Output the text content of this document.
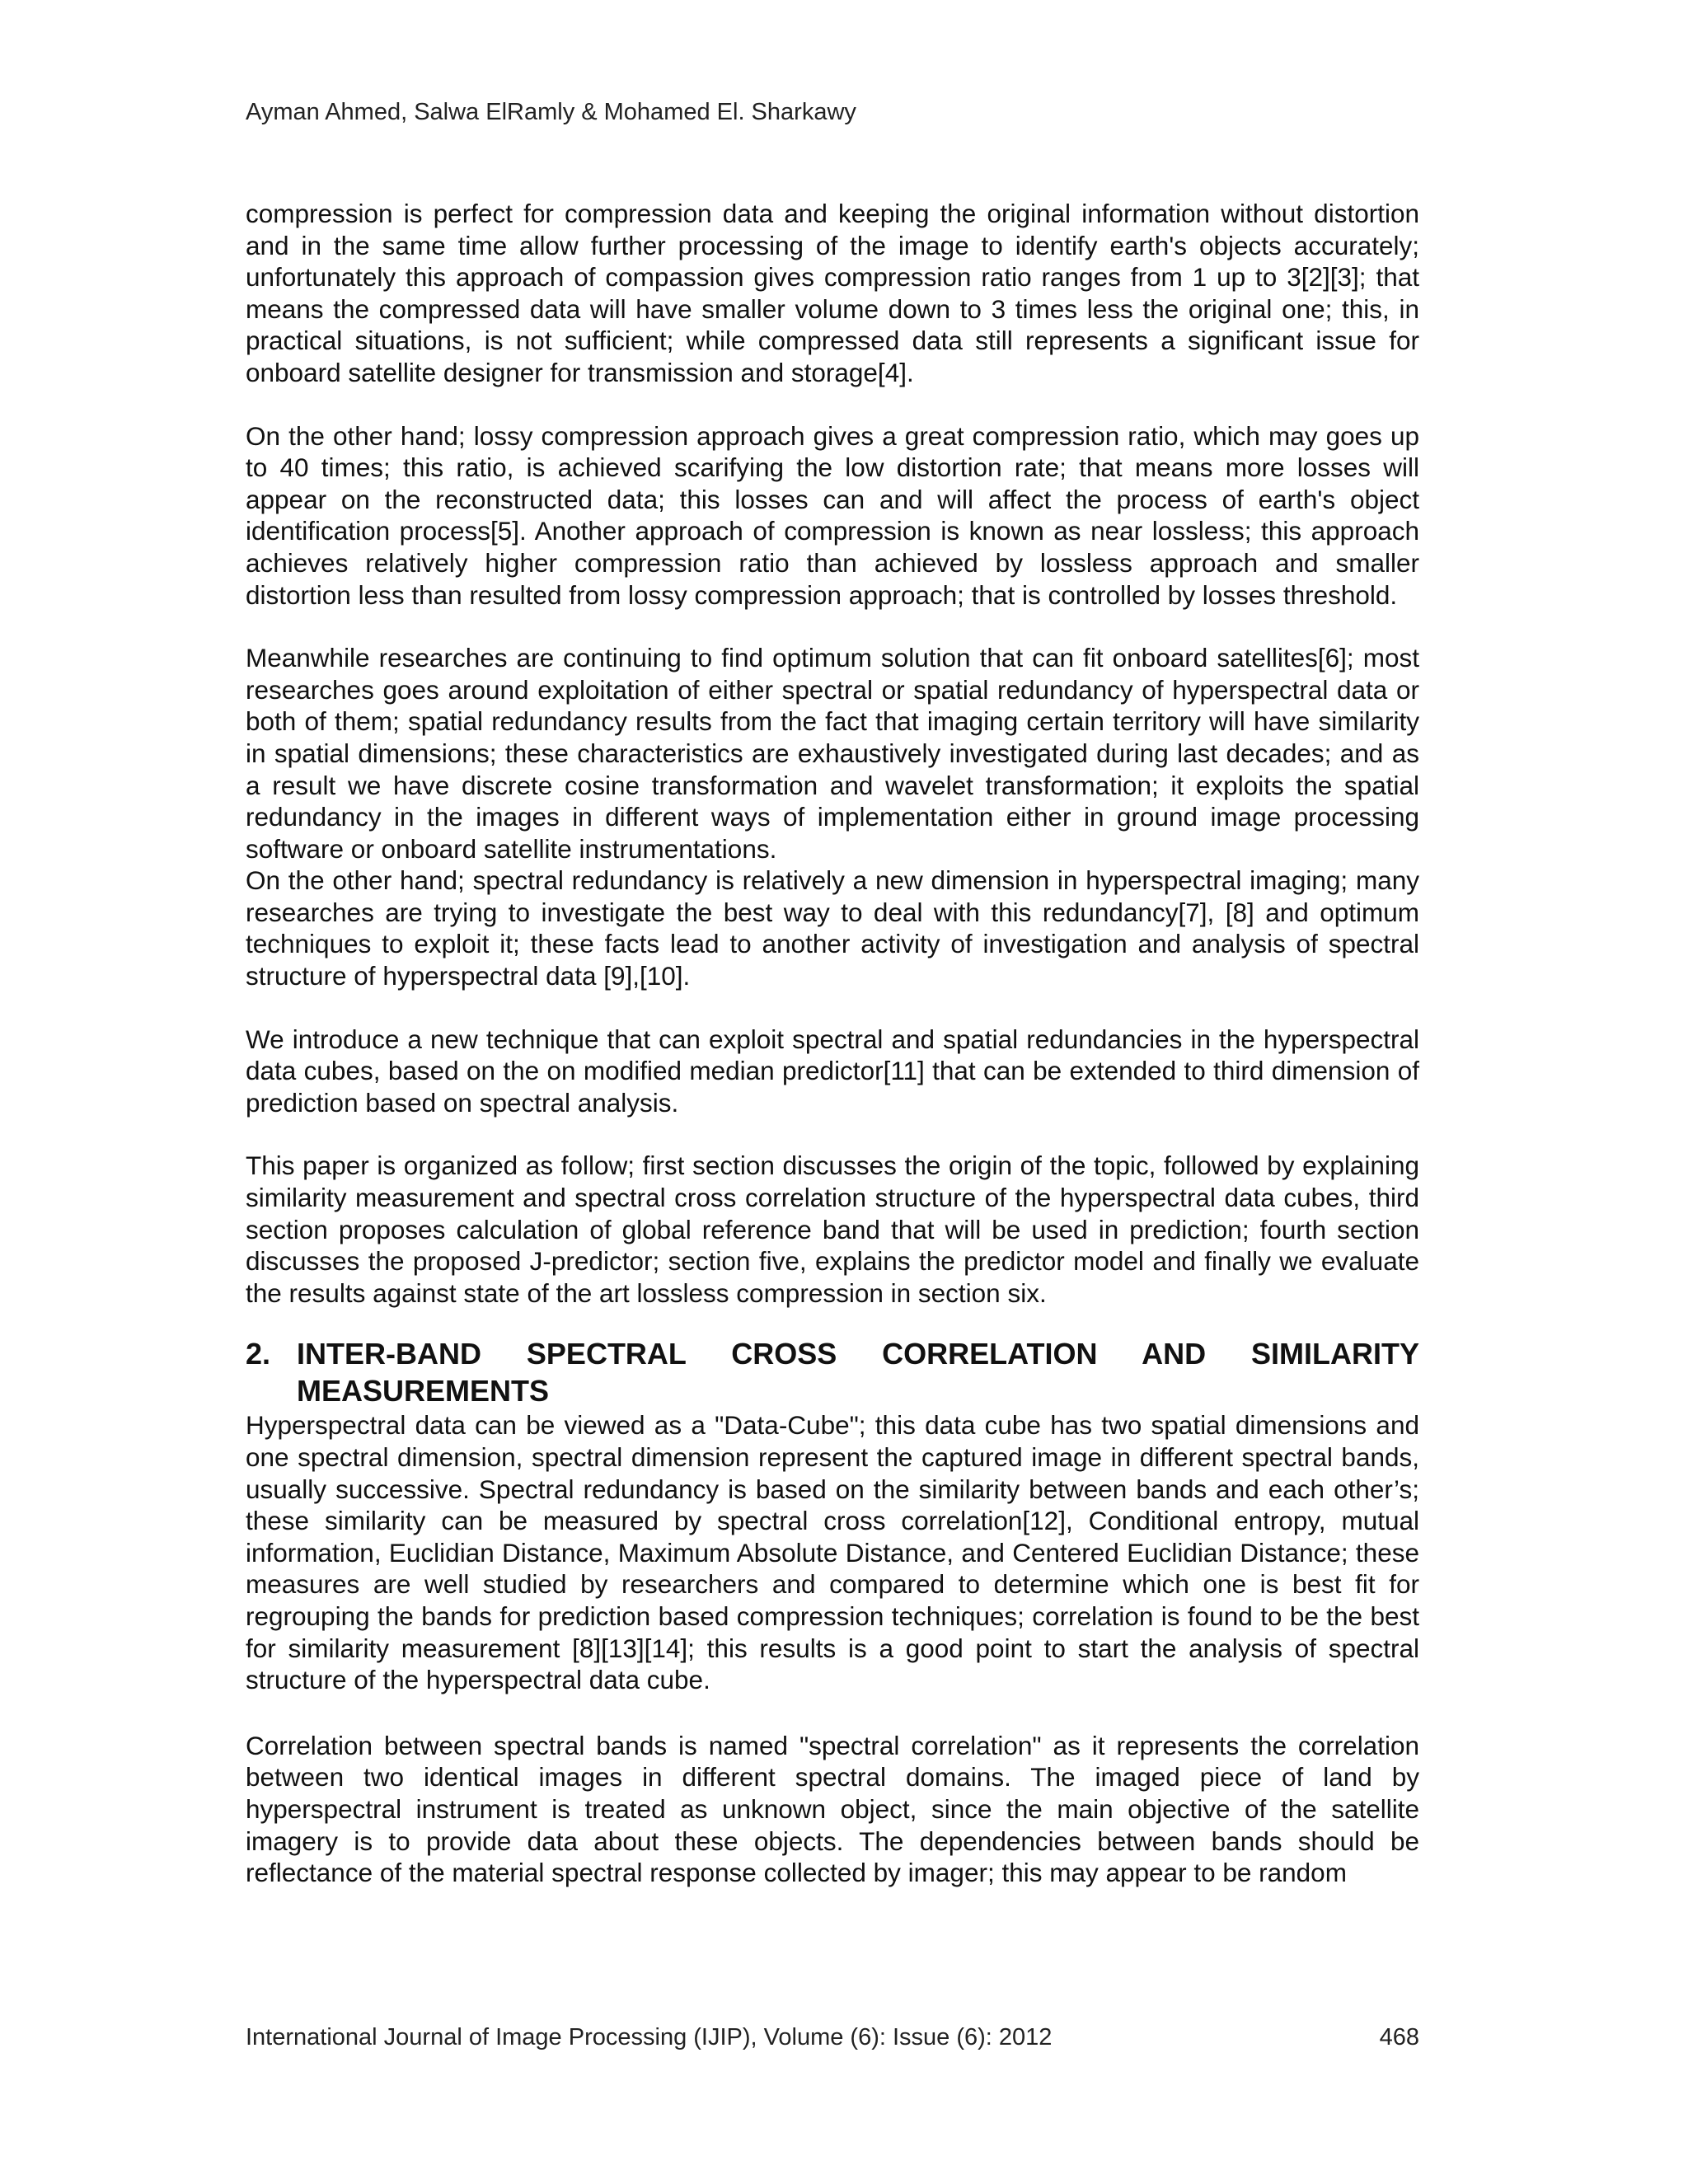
Ayman Ahmed, Salwa ElRamly & Mohamed El. Sharkawy

compression is perfect for compression data and keeping the original information without distortion and in the same time allow further processing of the image to identify earth's objects accurately; unfortunately this approach of compassion gives compression ratio ranges from 1 up to 3[2][3]; that means the compressed data will have smaller volume down to 3 times less the original one; this, in practical situations, is not sufficient; while compressed data still represents a significant issue for onboard satellite designer for transmission and storage[4].

On the other hand; lossy compression approach gives a great compression ratio, which may goes up to 40 times; this ratio, is achieved scarifying the low distortion rate; that means more losses will appear on the reconstructed data; this losses can and will affect the process of earth's object identification process[5]. Another approach of compression is known as near lossless; this approach achieves relatively higher compression ratio than achieved by lossless approach and smaller distortion less than resulted from lossy compression approach; that is controlled by losses threshold.

Meanwhile researches are continuing to find optimum solution that can fit onboard satellites[6]; most researches goes around exploitation of either spectral or spatial redundancy of hyperspectral data or both of them; spatial redundancy results from the fact that imaging certain territory will have similarity in spatial dimensions; these characteristics are exhaustively investigated during last decades; and as a result we have discrete cosine transformation and wavelet transformation; it exploits the spatial redundancy in the images in different ways of implementation either in ground image processing software or onboard satellite instrumentations.

On the other hand; spectral redundancy is relatively a new dimension in hyperspectral imaging; many researches are trying to investigate the best way to deal with this redundancy[7], [8] and optimum techniques to exploit it; these facts lead to another activity of investigation and analysis of spectral structure of hyperspectral data [9],[10].

We introduce a new technique that can exploit spectral and spatial redundancies in the hyperspectral data cubes, based on the on modified median predictor[11] that can be extended to third dimension of prediction based on spectral analysis.

This paper is organized as follow; first section discusses the origin of the topic, followed by explaining similarity measurement and spectral cross correlation structure of the hyperspectral data cubes, third section proposes calculation of global reference band that will be used in prediction; fourth section discusses the proposed J-predictor; section five, explains the predictor model and finally we evaluate the results against state of the art lossless compression in section six.

2. INTER-BAND SPECTRAL CROSS CORRELATION AND SIMILARITY MEASUREMENTS

Hyperspectral data can be viewed as a "Data-Cube"; this data cube has two spatial dimensions and one spectral dimension, spectral dimension represent the captured image in different spectral bands, usually successive. Spectral redundancy is based on the similarity between bands and each other’s; these similarity can be measured by spectral cross correlation[12], Conditional entropy, mutual information, Euclidian Distance, Maximum Absolute Distance, and Centered Euclidian Distance; these measures are well studied by researchers and compared to determine which one is best fit for regrouping the bands for prediction based compression techniques; correlation is found to be the best for similarity measurement [8][13][14]; this results is a good point to start the analysis of spectral structure of the hyperspectral data cube.

Correlation between spectral bands is named "spectral correlation" as it represents the correlation between two identical images in different spectral domains. The imaged piece of land by hyperspectral instrument is treated as unknown object, since the main objective of the satellite imagery is to provide data about these objects. The dependencies between bands should be reflectance of the material spectral response collected by imager; this may appear to be random

International Journal of Image Processing (IJIP), Volume (6): Issue (6): 2012	468
